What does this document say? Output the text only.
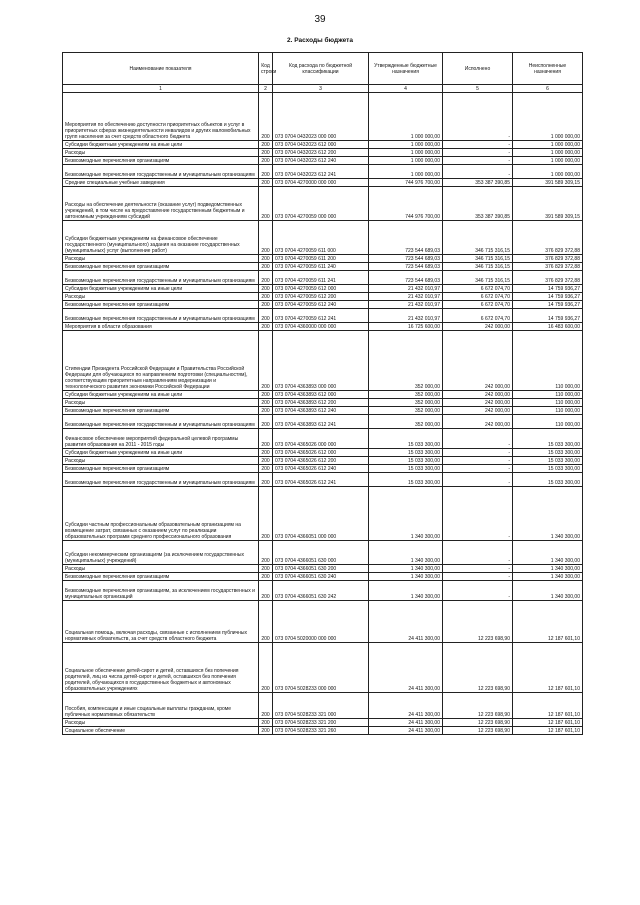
39
2. Расходы бюджета
Наименование показателя	Код строки	Код расхода по бюджетной классификации	Утвержденные бюджетные назначения	Исполнено	Неисполненные назначения
1	2	3	4	5	6
Мероприятия по обеспечению доступности приоритетных объектов и услуг в приоритетных сферах жизнедеятельности инвалидов и других маломобильных групп населения за счет средств областного бюджета	200	073 0704 0432023 000 000	1 000 000,00	-	1 000 000,00
Субсидии бюджетным учреждениям на иные цели	200	073 0704 0432023 612 000	1 000 000,00	-	1 000 000,00
Расходы	200	073 0704 0432023 612 200	1 000 000,00	-	1 000 000,00
Безвозмездные перечисления организациям	200	073 0704 0432023 612 240	1 000 000,00	-	1 000 000,00
Безвозмездные перечисления государственным и муниципальным организациям	200	073 0704 0432023 612 241	1 000 000,00	-	1 000 000,00
Средние специальные учебные заведения	200	073 0704 4270000 000 000	744 976 700,00	353 387 390,85	391 589 309,15
Расходы на обеспечение деятельности (оказание услуг) подведомственных учреждений, в том числе на предоставление государственным бюджетным и автономным учреждениям субсидий	200	073 0704 4270059 000 000	744 976 700,00	353 387 390,85	391 589 309,15
Субсидии бюджетным учреждениям на финансовое обеспечение государственного (муниципального) задания на оказание государственных (муниципальных) услуг (выполнение работ)	200	073 0704 4270059 611 000	723 544 689,03	346 715 316,15	376 829 372,88
Расходы	200	073 0704 4270059 611 200	723 544 689,03	346 715 316,15	376 829 372,88
Безвозмездные перечисления организациям	200	073 0704 4270059 611 240	723 544 689,03	346 715 316,15	376 829 372,88
Безвозмездные перечисления государственным и муниципальным организациям	200	073 0704 4270059 611 241	723 544 689,03	346 715 316,15	376 829 372,88
Субсидии бюджетным учреждениям на иные цели	200	073 0704 4270059 612 000	21 432 010,97	6 672 074,70	14 759 936,27
Расходы	200	073 0704 4270059 612 200	21 432 010,97	6 672 074,70	14 759 936,27
Безвозмездные перечисления организациям	200	073 0704 4270059 612 240	21 432 010,97	6 672 074,70	14 759 936,27
Безвозмездные перечисления государственным и муниципальным организациям	200	073 0704 4270059 612 241	21 432 010,97	6 672 074,70	14 759 936,27
Мероприятия в области образования	200	073 0704 4360000 000 000	16 725 600,00	242 000,00	16 483 600,00
Стипендии Президента Российской Федерации и Правительства Российской Федерации для обучающихся по направлениям подготовки (специальностям), соответствующим приоритетным направлениям модернизации и технологического развития экономики Российской Федерации	200	073 0704 4363893 000 000	352 000,00	242 000,00	110 000,00
Субсидии бюджетным учреждениям на иные цели	200	073 0704 4363893 612 000	352 000,00	242 000,00	110 000,00
Расходы	200	073 0704 4363893 612 200	352 000,00	242 000,00	110 000,00
Безвозмездные перечисления организациям	200	073 0704 4363893 612 240	352 000,00	242 000,00	110 000,00
Безвозмездные перечисления государственным и муниципальным организациям	200	073 0704 4363893 612 241	352 000,00	242 000,00	110 000,00
Финансовое обеспечение мероприятий федеральной целевой программы развития образования на 2011 - 2015 годы	200	073 0704 4365026 000 000	15 033 300,00	-	15 033 300,00
Субсидии бюджетным учреждениям на иные цели	200	073 0704 4365026 612 000	15 033 300,00	-	15 033 300,00
Расходы	200	073 0704 4365026 612 200	15 033 300,00	-	15 033 300,00
Безвозмездные перечисления организациям	200	073 0704 4365026 612 240	15 033 300,00	-	15 033 300,00
Безвозмездные перечисления государственным и муниципальным организациям	200	073 0704 4365026 612 241	15 033 300,00	-	15 033 300,00
Субсидии частным профессиональным образовательным организациям на возмещение затрат, связанных с оказанием услуг по реализации образовательных программ среднего профессионального образования	200	073 0704 4366051 000 000	1 340 300,00	-	1 340 300,00
Субсидии некоммерческим организациям (за исключением государственных (муниципальных) учреждений)	200	073 0704 4366051 630 000	1 340 300,00	-	1 340 300,00
Расходы	200	073 0704 4366051 630 200	1 340 300,00	-	1 340 300,00
Безвозмездные перечисления организациям	200	073 0704 4366051 630 240	1 340 300,00	-	1 340 300,00
Безвозмездные перечисления организациям, за исключением государственных и муниципальных организаций	200	073 0704 4366051 630 242	1 340 300,00	-	1 340 300,00
Социальная помощь, включая расходы, связанные с исполнением публичных нормативных обязательств, за счет средств областного бюджета	200	073 0704 5020000 000 000	24 411 300,00	12 223 698,90	12 187 601,10
Социальное обеспечение детей-сирот и детей, оставшихся без попечения родителей, лиц из числа детей-сирот и детей, оставшихся без попечения родителей, обучающихся в государственных бюджетных и автономных образовательных учреждениях	200	073 0704 5028233 000 000	24 411 300,00	12 223 698,90	12 187 601,10
Пособия, компенсации и иные социальные выплаты гражданам, кроме публичных нормативных обязательств	200	073 0704 5028233 321 000	24 411 300,00	12 223 698,90	12 187 601,10
Расходы	200	073 0704 5028233 321 200	24 411 300,00	12 223 698,90	12 187 601,10
Социальное обеспечение	200	073 0704 5028233 321 260	24 411 300,00	12 223 698,90	12 187 601,10
